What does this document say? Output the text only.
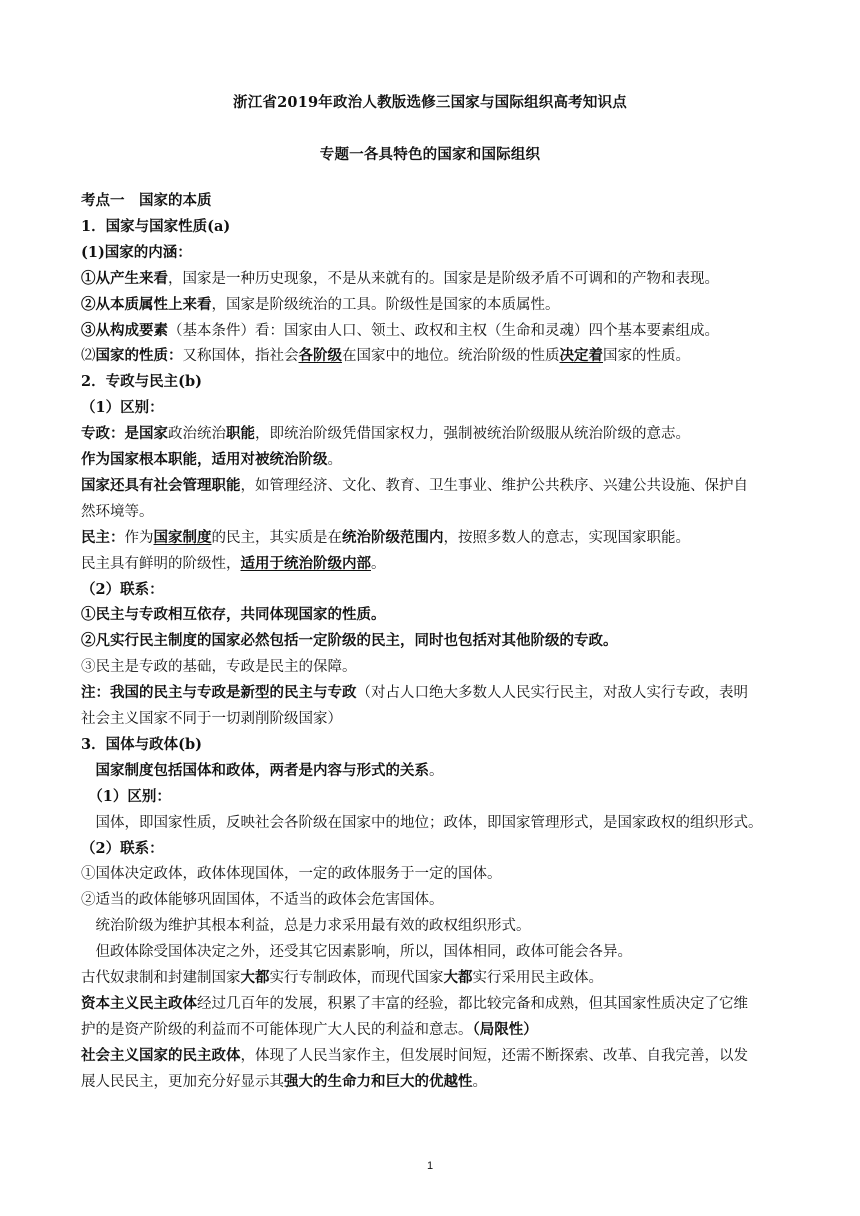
浙江省2019年政治人教版选修三国家与国际组织高考知识点
专题一各具特色的国家和国际组织
考点一　国家的本质
1．国家与国家性质(a)
(1)国家的内涵：
①从产生来看，国家是一种历史现象，不是从来就有的。国家是是阶级矛盾不可调和的产物和表现。
②从本质属性上来看，国家是阶级统治的工具。阶级性是国家的本质属性。
③从构成要素（基本条件）看：国家由人口、领土、政权和主权（生命和灵魂）四个基本要素组成。
⑵国家的性质：又称国体，指社会各阶级在国家中的地位。统治阶级的性质决定着国家的性质。
2．专政与民主(b)
（1）区别：
专政：是国家政治统治职能，即统治阶级凭借国家权力，强制被统治阶级服从统治阶级的意志。
作为国家根本职能，适用对被统治阶级。
国家还具有社会管理职能，如管理经济、文化、教育、卫生事业、维护公共秩序、兴建公共设施、保护自
然环境等。
民主：作为国家制度的民主，其实质是在统治阶级范围内，按照多数人的意志，实现国家职能。
民主具有鲜明的阶级性，适用于统治阶级内部。
（2）联系：
①民主与专政相互依存，共同体现国家的性质。
②凡实行民主制度的国家必然包括一定阶级的民主，同时也包括对其他阶级的专政。
③民主是专政的基础，专政是民主的保障。
注：我国的民主与专政是新型的民主与专政（对占人口绝大多数人人民实行民主，对敌人实行专政，表明
社会主义国家不同于一切剥削阶级国家）
3．国体与政体(b)
　国家制度包括国体和政体，两者是内容与形式的关系。
　（1）区别：
　国体，即国家性质，反映社会各阶级在国家中的地位；政体，即国家管理形式，是国家政权的组织形式。
（2）联系：
①国体决定政体，政体体现国体，一定的政体服务于一定的国体。
②适当的政体能够巩固国体，不适当的政体会危害国体。
　统治阶级为维护其根本利益，总是力求采用最有效的政权组织形式。
　但政体除受国体决定之外，还受其它因素影响，所以，国体相同，政体可能会各异。
古代奴隶制和封建制国家大都实行专制政体，而现代国家大都实行采用民主政体。
资本主义民主政体经过几百年的发展，积累了丰富的经验，都比较完备和成熟，但其国家性质决定了它维
护的是资产阶级的利益而不可能体现广大人民的利益和意志。（局限性）
社会主义国家的民主政体，体现了人民当家作主，但发展时间短，还需不断探索、改革、自我完善，以发
展人民民主，更加充分好显示其强大的生命力和巨大的优越性。
1
